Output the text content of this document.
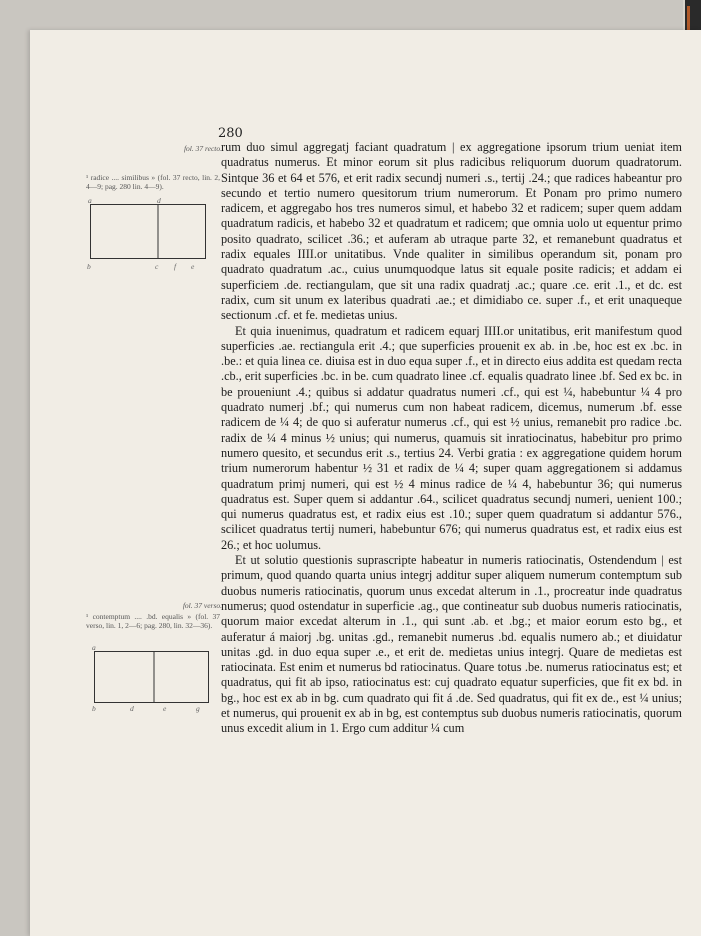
280
fol. 37 recto.
¹ radice .... similibus » (fol. 37 recto, lin. 2, 4—9; pag. 280 lin. 4—9).
a	d
b	c f e
fol. 37 verso.
¹ contemptum .... .bd. equalis » (fol. 37 verso, lin. 1, 2—6; pag. 280, lin. 32—36).
a
b	d	e	g

rum duo simul aggregatj faciant quadratum | ex aggregatione ipsorum trium ueniat item quadratus numerus. Et minor eorum sit plus radicibus reliquorum duorum quadratorum. Sintque 36 et 64 et 576, et erit radix secundj numeri .s., tertij .24.; que radices habeantur pro secundo et tertio numero quesitorum trium numerorum. Et Ponam pro primo numero radicem, et aggregabo hos tres numeros simul, et habebo 32 et radicem; super quem addam quadratum radicis, et habebo 32 et quadratum et radicem; que omnia uolo ut equentur primo posito quadrato, scilicet .36.; et auferam ab utraque parte 32, et remanebunt quadratus et radix equales IIII.or unitatibus. Vnde qualiter in similibus operandum sit, ponam pro quadrato quadratum .ac., cuius unumquodque latus sit equale posite radicis; et addam ei superficiem .de. rectiangulam, que sit una radix quadratj .ac.; quare .ce. erit .1., et dc. est radix, cum sit unum ex lateribus quadrati .ae.; et dimidiabo ce. super .f., et erit unaqueque sectionum .cf. et fe. medietas unius.

Et quia inuenimus, quadratum et radicem equarj IIII.or unitatibus, erit manifestum quod superficies .ae. rectiangula erit .4.; que superficies prouenit ex ab. in .be, hoc est ex .bc. in .be.: et quia linea ce. diuisa est in duo equa super .f., et in directo eius addita est quedam recta .cb., erit superficies .bc. in be. cum quadrato linee .cf. equalis quadrato linee .bf. Sed ex bc. in be proueniunt .4.; quibus si addatur quadratus numeri .cf., qui est ¼, habebuntur ¼ 4 pro quadrato numerj .bf.; qui numerus cum non habeat radicem, dicemus, numerum .bf. esse radicem de ¼ 4; de quo si auferatur numerus .cf., qui est ½ unius, remanebit pro radice .bc. radix de ¼ 4 minus ½ unius; qui numerus, quamuis sit inratiocinatus, habebitur pro primo numero quesito, et secundus erit .s., tertius 24. Verbi gratia : ex aggregatione quidem horum trium numerorum habentur ½ 31 et radix de ¼ 4; super quam aggregationem si addamus quadratum primj numeri, qui est ½ 4 minus radice de ¼ 4, habebuntur 36; qui numerus quadratus est. Super quem si addantur .64., scilicet quadratus secundj numeri, uenient 100.; qui numerus quadratus est, et radix eius est .10.; super quem quadratum si addantur 576., scilicet quadratus tertij numeri, habebuntur 676; qui numerus quadratus est, et radix eius est 26.; et hoc uolumus.

Et ut solutio questionis suprascripte habeatur in numeris ratiocinatis, Ostendendum | est primum, quod quando quarta unius integrj additur super aliquem numerum contemptum sub duobus numeris ratiocinatis, quorum unus excedat alterum in .1., procreatur inde quadratus numerus; quod ostendatur in superficie .ag., que contineatur sub duobus numeris ratiocinatis, quorum maior excedat alterum in .1., qui sunt .ab. et .bg.; et maior eorum esto bg., et auferatur á maiorj .bg. unitas .gd., remanebit numerus .bd. equalis numero ab.; et diuidatur unitas .gd. in duo equa super .e., et erit de. medietas unius integrj. Quare de medietas est ratiocinata. Est enim et numerus bd ratiocinatus. Quare totus .be. numerus ratiocinatus est; et quadratus, qui fit ab ipso, ratiocinatus est: cuj quadrato equatur superficies, que fit ex bd. in bg., hoc est ex ab in bg. cum quadrato qui fit á .de. Sed quadratus, qui fit ex de., est ¼ unius; et numerus, qui prouenit ex ab in bg, est contemptus sub duobus numeris ratiocinatis, quorum unus excedit alium in 1. Ergo cum additur ¼ cum
